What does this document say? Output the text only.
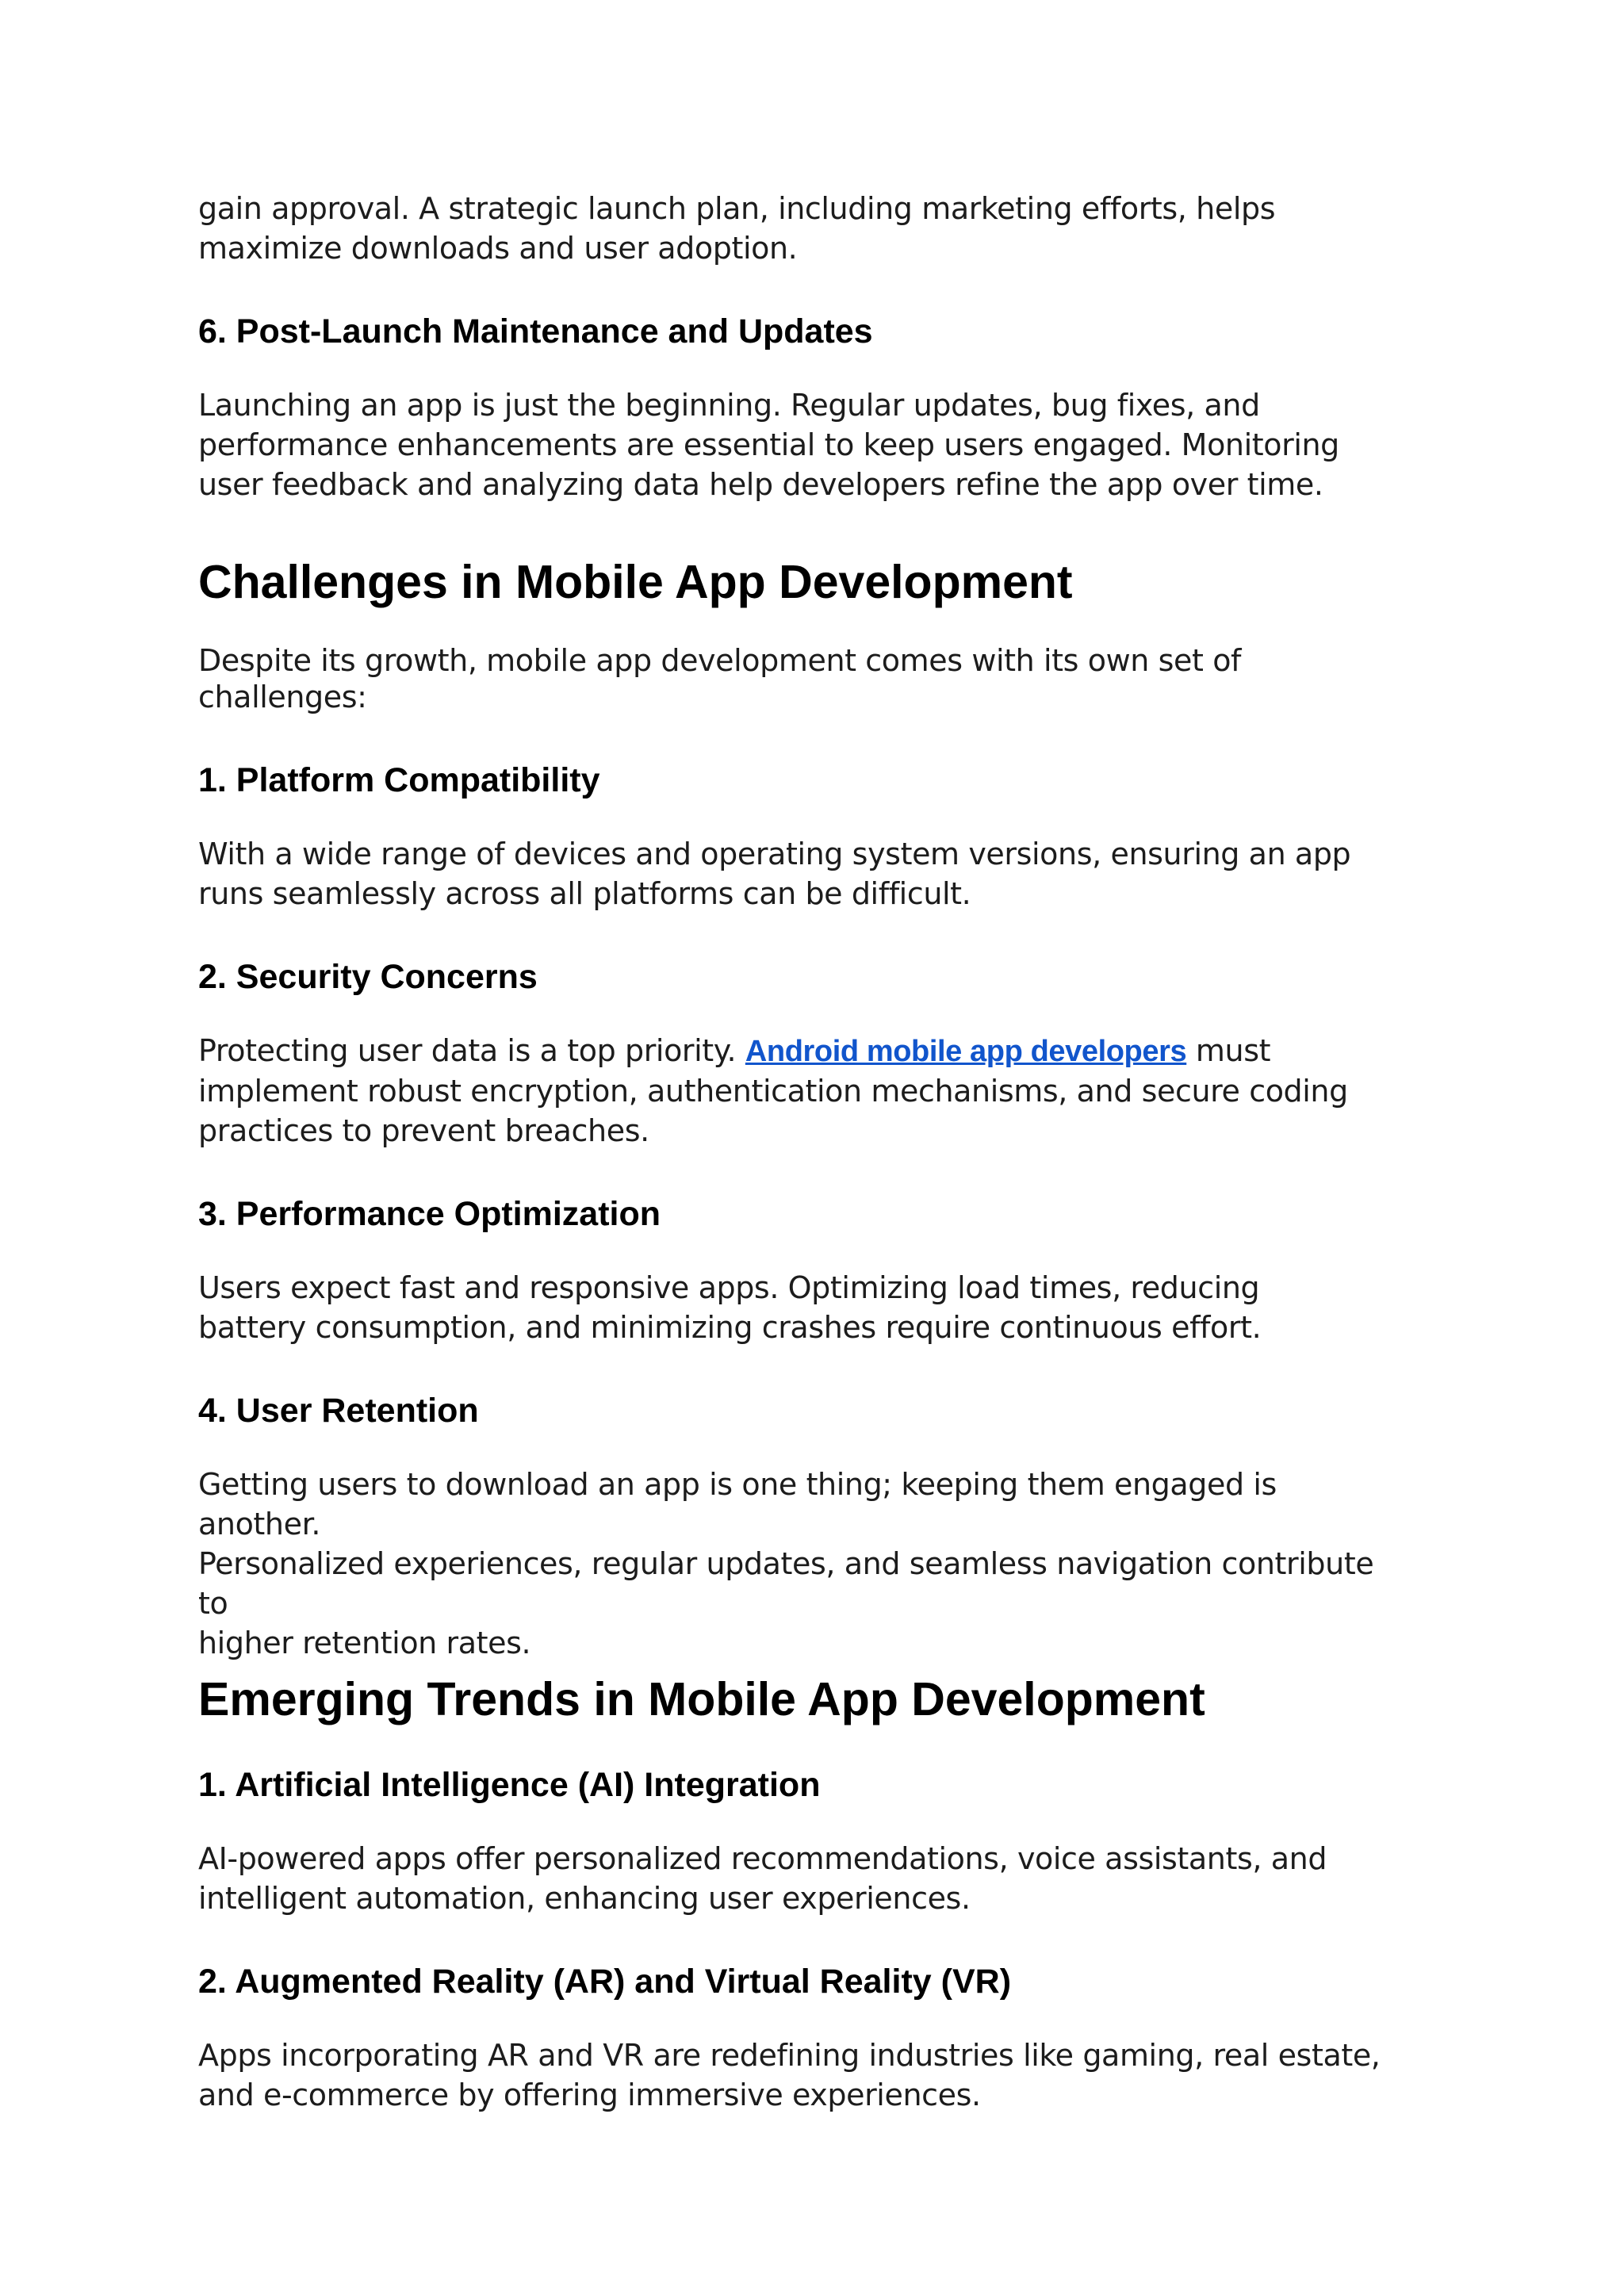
gain approval. A strategic launch plan, including marketing efforts, helps
maximize downloads and user adoption.

6. Post-Launch Maintenance and Updates

Launching an app is just the beginning. Regular updates, bug fixes, and
performance enhancements are essential to keep users engaged. Monitoring
user feedback and analyzing data help developers refine the app over time.

Challenges in Mobile App Development

Despite its growth, mobile app development comes with its own set of
challenges:

1. Platform Compatibility

With a wide range of devices and operating system versions, ensuring an app
runs seamlessly across all platforms can be difficult.

2. Security Concerns

Protecting user data is a top priority. Android mobile app developers must
implement robust encryption, authentication mechanisms, and secure coding
practices to prevent breaches.

3. Performance Optimization

Users expect fast and responsive apps. Optimizing load times, reducing
battery consumption, and minimizing crashes require continuous effort.

4. User Retention

Getting users to download an app is one thing; keeping them engaged is another.
Personalized experiences, regular updates, and seamless navigation contribute to
higher retention rates.

Emerging Trends in Mobile App Development
1. Artificial Intelligence (AI) Integration

AI-powered apps offer personalized recommendations, voice assistants, and
intelligent automation, enhancing user experiences.

2. Augmented Reality (AR) and Virtual Reality (VR)

Apps incorporating AR and VR are redefining industries like gaming, real estate,
and e-commerce by offering immersive experiences.
